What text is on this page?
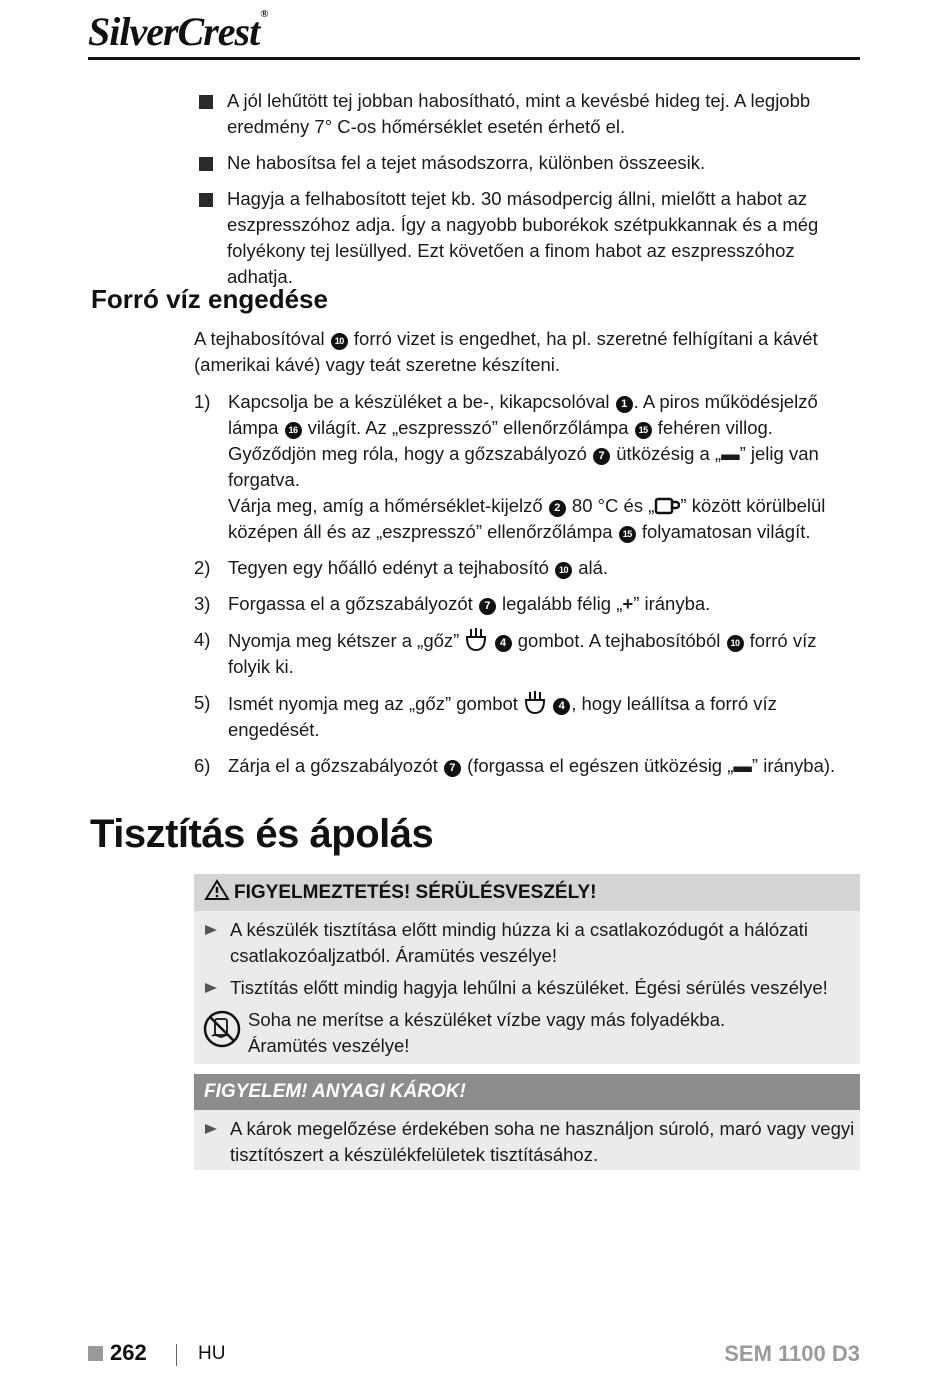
SilverCrest®
A jól lehűtött tej jobban habosítható, mint a kevésbé hideg tej. A legjobb eredmény 7° C-os hőmérséklet esetén érhető el.
Ne habosítsa fel a tejet másodszorra, különben összeesik.
Hagyja a felhabosított tejet kb. 30 másodpercig állni, mielőtt a habot az eszpresszóhoz adja. Így a nagyobb buborékok szétpukkannak és a még folyékony tej lesüllyed. Ezt követően a finom habot az eszpresszóhoz adhatja.
Forró víz engedése
A tejhabosítóval 10 forró vizet is engedhet, ha pl. szeretné felhígítani a kávét (amerikai kávé) vagy teát szeretne készíteni.
1) Kapcsolja be a készüléket a be-, kikapcsolóval 1 . A piros működésjelző lámpa 16 világít. Az „eszpresszó” ellenőrzőlámpa 15 fehéren villog. Győződjön meg róla, hogy a gőzszabályozó 7 ütközésig a „▬” jelig van forgatva.
Várja meg, amíg a hőmérséklet-kijelző 2 80 °C és „ ” között körülbelül középen áll és az „eszpresszó” ellenőrzőlámpa 15 folyamatosan világít.
2) Tegyen egy hőálló edényt a tejhabosító 10 alá.
3) Forgassa el a gőzszabályozót 7 legalább félig „+” irányba.
4) Nyomja meg kétszer a „gőz”	4 gombot. A tejhabosítóból 10 forró víz folyik ki.
5) Ismét nyomja meg az „gőz” gombot	4 , hogy leállítsa a forró víz engedését.
6) Zárja el a gőzszabályozót 7 (forgassa el egészen ütközésig „▬” irányba).
Tisztítás és ápolás
FIGYELMEZTETÉS! SÉRÜLÉSVESZÉLY!
A készülék tisztítása előtt mindig húzza ki a csatlakozódugót a hálózati csatlakozóaljzatból. Áramütés veszélye!
Tisztítás előtt mindig hagyja lehűlni a készüléket. Égési sérülés veszélye!
Soha ne merítse a készüléket vízbe vagy más folyadékba.
Áramütés veszélye!
FIGYELEM! ANYAGI KÁROK!
A károk megelőzése érdekében soha ne használjon súroló, maró vagy vegyi tisztítószert a készülékfelületek tisztításához.
262	HU	SEM 1100 D3
